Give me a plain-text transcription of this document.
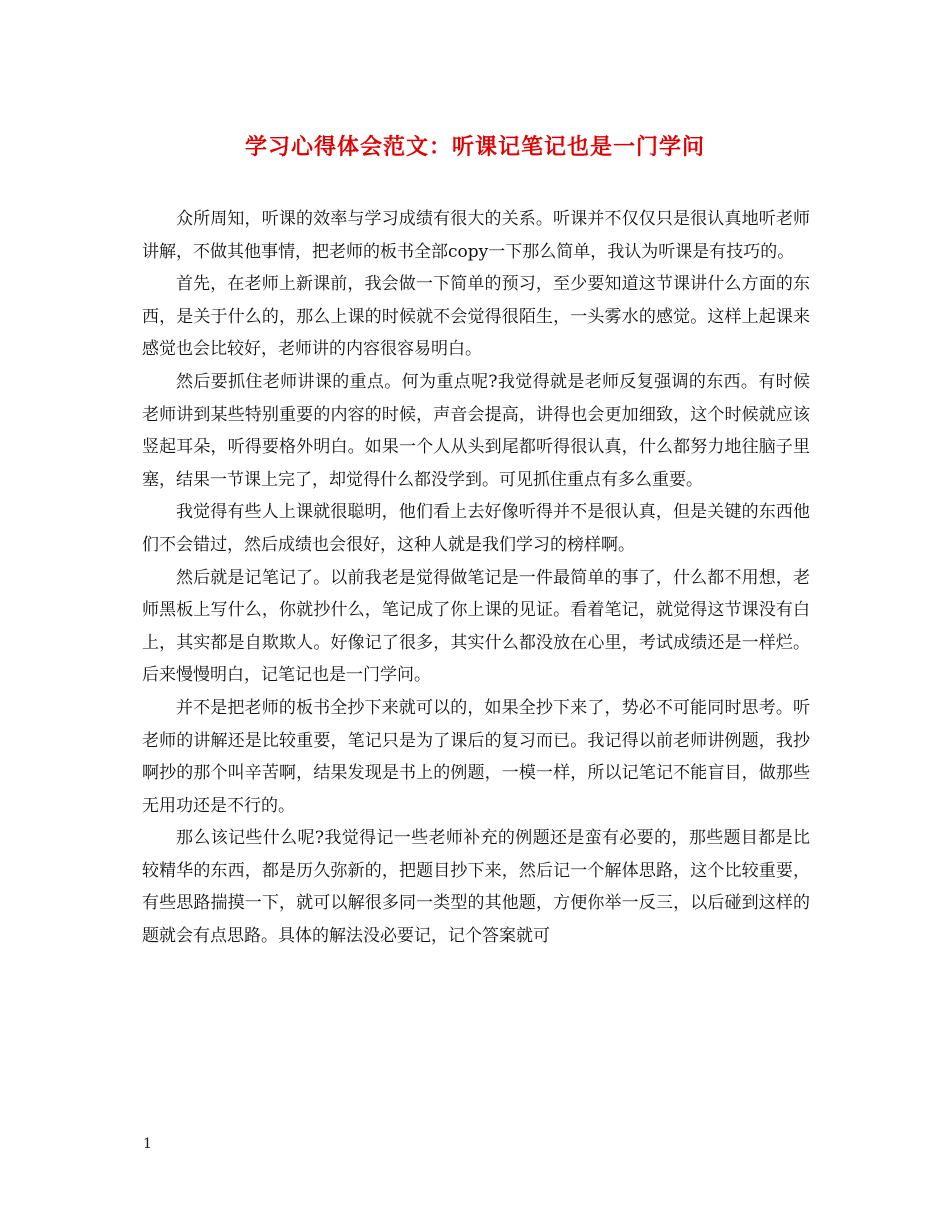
学习心得体会范文：听课记笔记也是一门学问

众所周知，听课的效率与学习成绩有很大的关系。听课并不仅仅只是很认真地听老师讲解，不做其他事情，把老师的板书全部copy一下那么简单，我认为听课是有技巧的。

首先，在老师上新课前，我会做一下简单的预习，至少要知道这节课讲什么方面的东西，是关于什么的，那么上课的时候就不会觉得很陌生，一头雾水的感觉。这样上起课来感觉也会比较好，老师讲的内容很容易明白。

然后要抓住老师讲课的重点。何为重点呢?我觉得就是老师反复强调的东西。有时候老师讲到某些特别重要的内容的时候，声音会提高，讲得也会更加细致，这个时候就应该竖起耳朵，听得要格外明白。如果一个人从头到尾都听得很认真，什么都努力地往脑子里塞，结果一节课上完了，却觉得什么都没学到。可见抓住重点有多么重要。

我觉得有些人上课就很聪明，他们看上去好像听得并不是很认真，但是关键的东西他们不会错过，然后成绩也会很好，这种人就是我们学习的榜样啊。

然后就是记笔记了。以前我老是觉得做笔记是一件最简单的事了，什么都不用想，老师黑板上写什么，你就抄什么，笔记成了你上课的见证。看着笔记，就觉得这节课没有白上，其实都是自欺欺人。好像记了很多，其实什么都没放在心里，考试成绩还是一样烂。后来慢慢明白，记笔记也是一门学问。

并不是把老师的板书全抄下来就可以的，如果全抄下来了，势必不可能同时思考。听老师的讲解还是比较重要，笔记只是为了课后的复习而已。我记得以前老师讲例题，我抄啊抄的那个叫辛苦啊，结果发现是书上的例题，一模一样，所以记笔记不能盲目，做那些无用功还是不行的。

那么该记些什么呢?我觉得记一些老师补充的例题还是蛮有必要的，那些题目都是比较精华的东西，都是历久弥新的，把题目抄下来，然后记一个解体思路，这个比较重要，有些思路揣摸一下，就可以解很多同一类型的其他题，方便你举一反三，以后碰到这样的题就会有点思路。具体的解法没必要记，记个答案就可

1
